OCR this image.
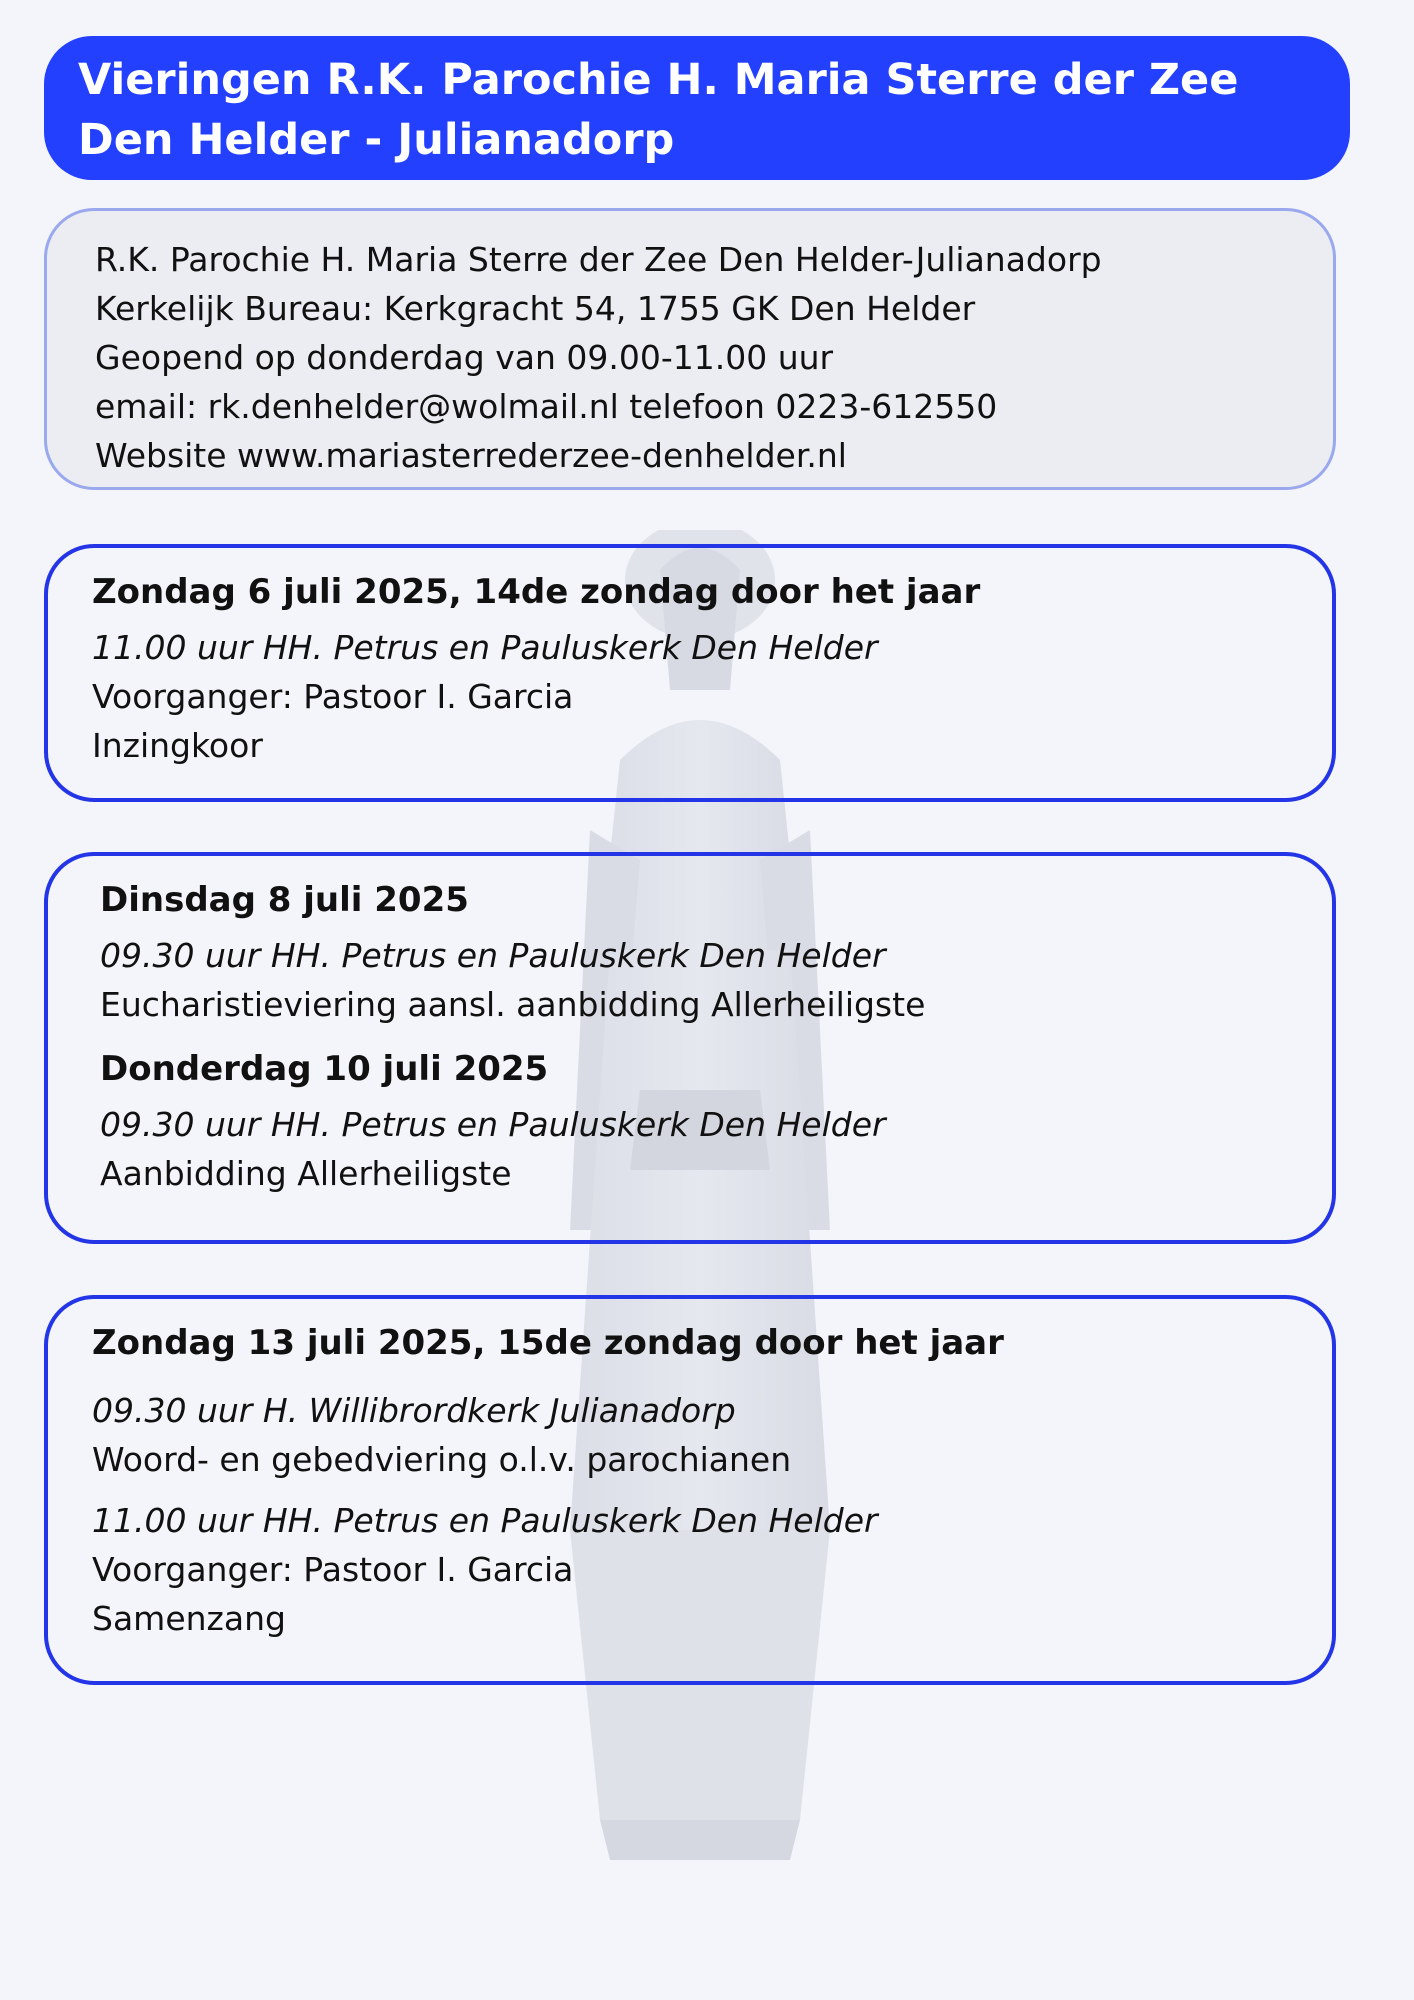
Vieringen R.K. Parochie H. Maria Sterre der Zee
Den Helder - Julianadorp
R.K. Parochie H. Maria Sterre der Zee Den Helder-Julianadorp
Kerkelijk Bureau: Kerkgracht 54, 1755 GK Den Helder
Geopend op donderdag van 09.00-11.00 uur
email: rk.denhelder@wolmail.nl telefoon 0223-612550
Website www.mariasterrederzee-denhelder.nl
Zondag 6 juli 2025, 14de zondag door het jaar
11.00 uur HH. Petrus en Pauluskerk Den Helder
Voorganger: Pastoor I. Garcia
Inzingkoor
Dinsdag 8 juli 2025
09.30 uur HH. Petrus en Pauluskerk Den Helder
Eucharistieviering aansl. aanbidding Allerheiligste
Donderdag 10 juli 2025
09.30 uur HH. Petrus en Pauluskerk Den Helder
Aanbidding Allerheiligste
Zondag 13 juli 2025, 15de zondag door het jaar
09.30 uur H. Willibrordkerk Julianadorp
Woord- en gebedviering o.l.v. parochianen
11.00 uur HH. Petrus en Pauluskerk Den Helder
Voorganger: Pastoor I. Garcia
Samenzang
